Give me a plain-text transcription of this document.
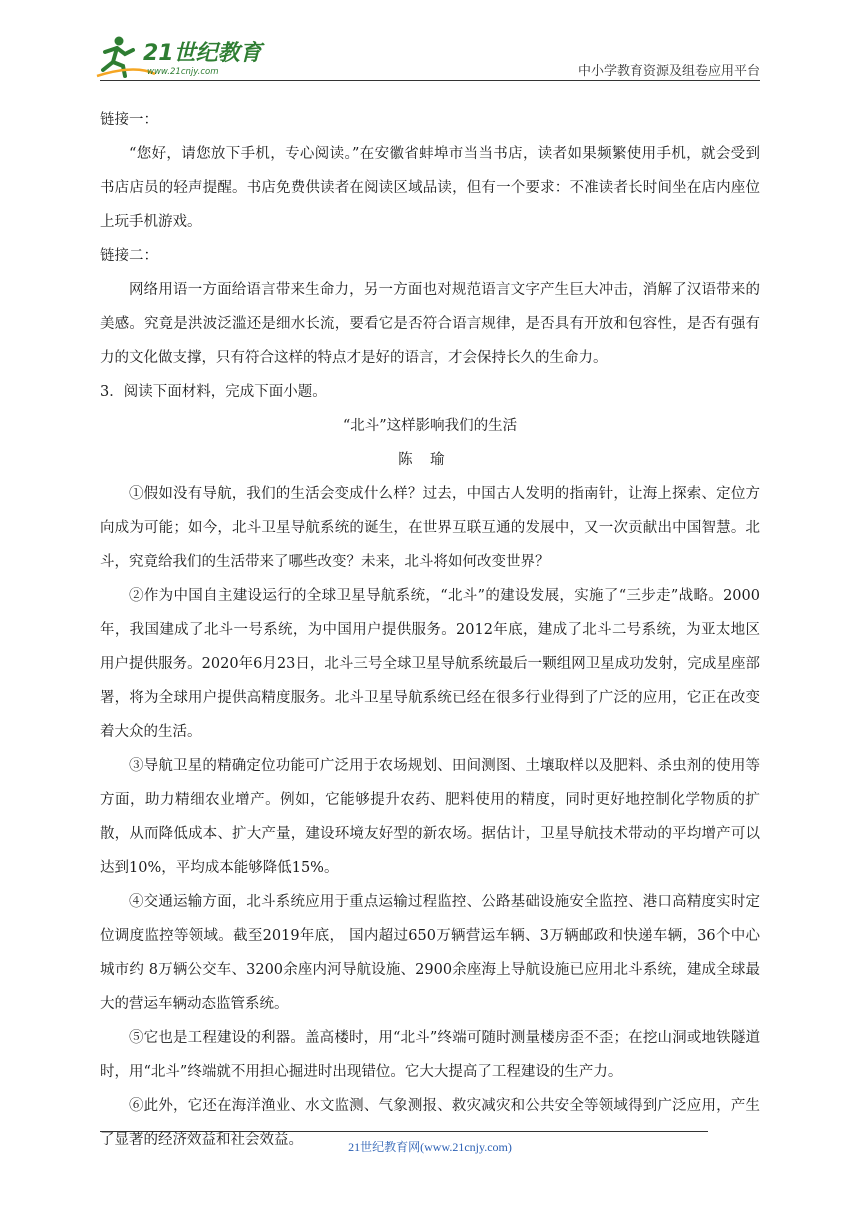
21世纪教育
www.21cnjy.com	中小学教育资源及组卷应用平台
链接一：
“您好，请您放下手机，专心阅读。”在安徽省蚌埠市当当书店，读者如果频繁使用手机，就会受到书店店员的轻声提醒。书店免费供读者在阅读区域品读，但有一个要求：不准读者长时间坐在店内座位上玩手机游戏。
链接二：
网络用语一方面给语言带来生命力，另一方面也对规范语言文字产生巨大冲击，消解了汉语带来的美感。究竟是洪波泛滥还是细水长流，要看它是否符合语言规律，是否具有开放和包容性，是否有强有力的文化做支撑，只有符合这样的特点才是好的语言，才会保持长久的生命力。
3．阅读下面材料，完成下面小题。
“北斗”这样影响我们的生活
陈瑜
①假如没有导航，我们的生活会变成什么样？过去，中国古人发明的指南针，让海上探索、定位方向成为可能；如今，北斗卫星导航系统的诞生，在世界互联互通的发展中，又一次贡献出中国智慧。北斗，究竟给我们的生活带来了哪些改变？未来，北斗将如何改变世界？
②作为中国自主建设运行的全球卫星导航系统，“北斗”的建设发展，实施了“三步走”战略。2000年，我国建成了北斗一号系统，为中国用户提供服务。2012年底，建成了北斗二号系统，为亚太地区用户提供服务。2020年6月23日，北斗三号全球卫星导航系统最后一颗组网卫星成功发射，完成星座部署，将为全球用户提供高精度服务。北斗卫星导航系统已经在很多行业得到了广泛的应用，它正在改变着大众的生活。
③导航卫星的精确定位功能可广泛用于农场规划、田间测图、土壤取样以及肥料、杀虫剂的使用等方面，助力精细农业增产。例如，它能够提升农药、肥料使用的精度，同时更好地控制化学物质的扩散，从而降低成本、扩大产量，建设环境友好型的新农场。据估计，卫星导航技术带动的平均增产可以达到10%，平均成本能够降低15%。
④交通运输方面，北斗系统应用于重点运输过程监控、公路基础设施安全监控、港口高精度实时定位调度监控等领域。截至2019年底， 国内超过650万辆营运车辆、3万辆邮政和快递车辆，36个中心城市约 8万辆公交车、3200余座内河导航设施、2900余座海上导航设施已应用北斗系统，建成全球最大的营运车辆动态监管系统。
⑤它也是工程建设的利器。盖高楼时，用“北斗”终端可随时测量楼房歪不歪；在挖山洞或地铁隧道时，用“北斗”终端就不用担心掘进时出现错位。它大大提高了工程建设的生产力。
⑥此外，它还在海洋渔业、水文监测、气象测报、救灾减灾和公共安全等领域得到广泛应用，产生了显著的经济效益和社会效益。	21世纪教育网(www.21cnjy.com)
